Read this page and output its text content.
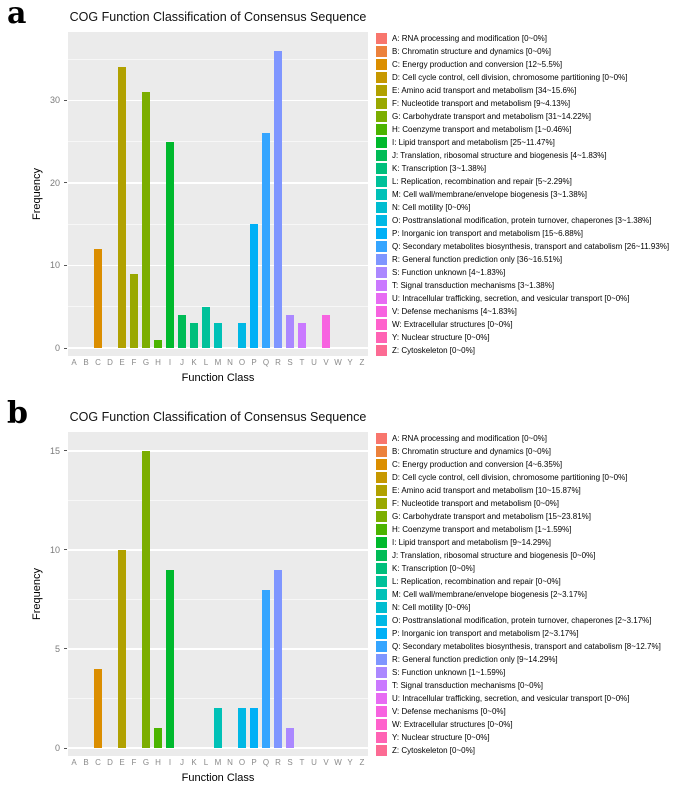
a	COG Function Classification of Consensus Sequence
Frequency
0
10
20
30
A B C D E F G H I	J K L M N O P Q R S T U V W Y Z
Function Class
A: RNA processing and modification [0~0%]
B: Chromatin structure and dynamics [0~0%]
C: Energy production and conversion [12~5.5%]
D: Cell cycle control, cell division, chromosome partitioning [0~0%]
E: Amino acid transport and metabolism [34~15.6%]
F: Nucleotide transport and metabolism [9~4.13%]
G: Carbohydrate transport and metabolism [31~14.22%]
H: Coenzyme transport and metabolism [1~0.46%]
I: Lipid transport and metabolism [25~11.47%]
J: Translation, ribosomal structure and biogenesis [4~1.83%]
K: Transcription [3~1.38%]
L: Replication, recombination and repair [5~2.29%]
M: Cell wall/membrane/envelope biogenesis [3~1.38%]
N: Cell motility [0~0%]
O: Posttranslational modification, protein turnover, chaperones [3~1.38%]
P: Inorganic ion transport and metabolism [15~6.88%]
Q: Secondary metabolites biosynthesis, transport and catabolism [26~11.93%]
R: General function prediction only [36~16.51%]
S: Function unknown [4~1.83%]
T: Signal transduction mechanisms [3~1.38%]
U: Intracellular trafficking, secretion, and vesicular transport [0~0%]
V: Defense mechanisms [4~1.83%]
W: Extracellular structures [0~0%]
Y: Nuclear structure [0~0%]
Z: Cytoskeleton [0~0%]
b	COG Function Classification of Consensus Sequence
Frequency
0
5
10
15
A B C D E F G H I	J K L M N O P Q R S T U V W Y Z
Function Class
A: RNA processing and modification [0~0%]
B: Chromatin structure and dynamics [0~0%]
C: Energy production and conversion [4~6.35%]
D: Cell cycle control, cell division, chromosome partitioning [0~0%]
E: Amino acid transport and metabolism [10~15.87%]
F: Nucleotide transport and metabolism [0~0%]
G: Carbohydrate transport and metabolism [15~23.81%]
H: Coenzyme transport and metabolism [1~1.59%]
I: Lipid transport and metabolism [9~14.29%]
J: Translation, ribosomal structure and biogenesis [0~0%]
K: Transcription [0~0%]
L: Replication, recombination and repair [0~0%]
M: Cell wall/membrane/envelope biogenesis [2~3.17%]
N: Cell motility [0~0%]
O: Posttranslational modification, protein turnover, chaperones [2~3.17%]
P: Inorganic ion transport and metabolism [2~3.17%]
Q: Secondary metabolites biosynthesis, transport and catabolism [8~12.7%]
R: General function prediction only [9~14.29%]
S: Function unknown [1~1.59%]
T: Signal transduction mechanisms [0~0%]
U: Intracellular trafficking, secretion, and vesicular transport [0~0%]
V: Defense mechanisms [0~0%]
W: Extracellular structures [0~0%]
Y: Nuclear structure [0~0%]
Z: Cytoskeleton [0~0%]
